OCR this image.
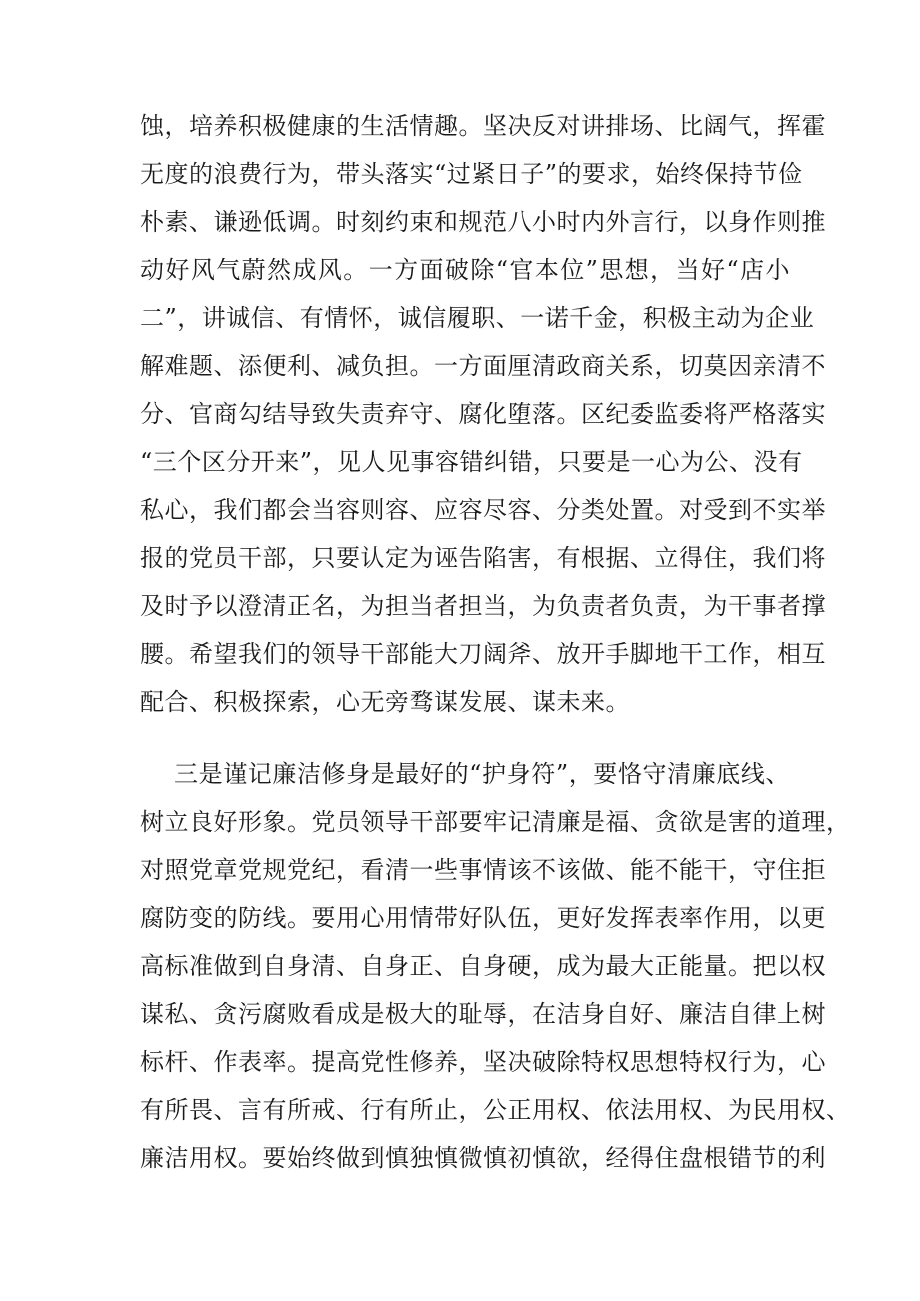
蚀，培养积极健康的生活情趣。坚决反对讲排场、比阔气，挥霍
无度的浪费行为，带头落实“过紧日子”的要求，始终保持节俭
朴素、谦逊低调。时刻约束和规范八小时内外言行，以身作则推
动好风气蔚然成风。一方面破除“官本位”思想，当好“店小
二”，讲诚信、有情怀，诚信履职、一诺千金，积极主动为企业
解难题、添便利、减负担。一方面厘清政商关系，切莫因亲清不
分、官商勾结导致失责弃守、腐化堕落。区纪委监委将严格落实
“三个区分开来”，见人见事容错纠错，只要是一心为公、没有
私心，我们都会当容则容、应容尽容、分类处置。对受到不实举
报的党员干部，只要认定为诬告陷害，有根据、立得住，我们将
及时予以澄清正名，为担当者担当，为负责者负责，为干事者撑
腰。希望我们的领导干部能大刀阔斧、放开手脚地干工作，相互
配合、积极探索，心无旁骛谋发展、谋未来。
三是谨记廉洁修身是最好的“护身符”，要恪守清廉底线、
树立良好形象。党员领导干部要牢记清廉是福、贪欲是害的道理，
对照党章党规党纪，看清一些事情该不该做、能不能干，守住拒
腐防变的防线。要用心用情带好队伍，更好发挥表率作用，以更
高标准做到自身清、自身正、自身硬，成为最大正能量。把以权
谋私、贪污腐败看成是极大的耻辱，在洁身自好、廉洁自律上树
标杆、作表率。提高党性修养，坚决破除特权思想特权行为，心
有所畏、言有所戒、行有所止，公正用权、依法用权、为民用权、
廉洁用权。要始终做到慎独慎微慎初慎欲，经得住盘根错节的利
